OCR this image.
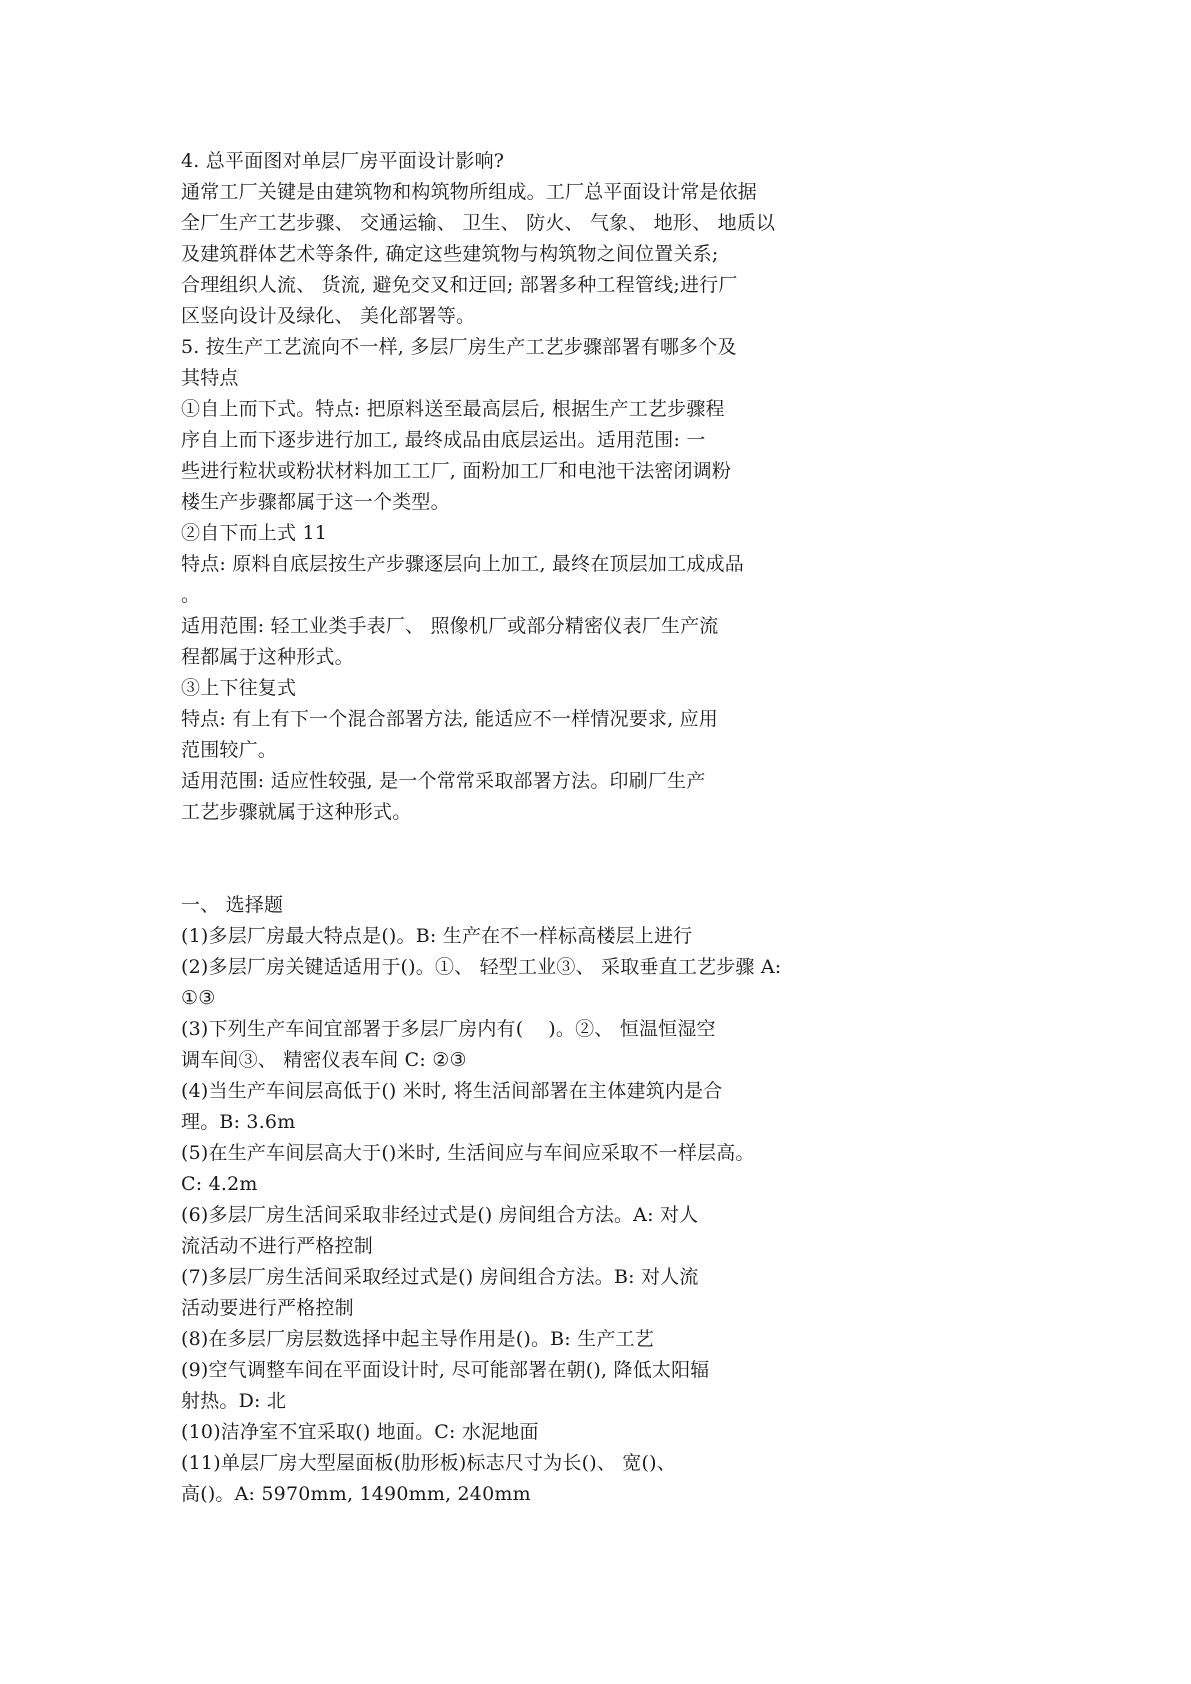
4. 总平面图对单层厂房平面设计影响?
通常工厂关键是由建筑物和构筑物所组成。工厂总平面设计常是依据
全厂生产工艺步骤、 交通运输、 卫生、 防火、 气象、 地形、 地质以
及建筑群体艺术等条件, 确定这些建筑物与构筑物之间位置关系;
合理组织人流、 货流, 避免交叉和迂回; 部署多种工程管线;进行厂
区竖向设计及绿化、 美化部署等。
5. 按生产工艺流向不一样, 多层厂房生产工艺步骤部署有哪多个及
其特点
①自上而下式。特点: 把原料送至最高层后, 根据生产工艺步骤程
序自上而下逐步进行加工, 最终成品由底层运出。适用范围: 一
些进行粒状或粉状材料加工工厂, 面粉加工厂和电池干法密闭调粉
楼生产步骤都属于这一个类型。
②自下而上式 11
特点: 原料自底层按生产步骤逐层向上加工, 最终在顶层加工成成品
。
适用范围: 轻工业类手表厂、 照像机厂或部分精密仪表厂生产流
程都属于这种形式。
③上下往复式
特点: 有上有下一个混合部署方法, 能适应不一样情况要求, 应用
范围较广。
适用范围: 适应性较强, 是一个常常采取部署方法。印刷厂生产
工艺步骤就属于这种形式。
一、 选择题
(1)多层厂房最大特点是()。B: 生产在不一样标高楼层上进行
(2)多层厂房关键适适用于()。①、 轻型工业③、 采取垂直工艺步骤 A:
①③
(3)下列生产车间宜部署于多层厂房内有(    )。②、 恒温恒湿空
调车间③、 精密仪表车间 C: ②③
(4)当生产车间层高低于() 米时, 将生活间部署在主体建筑内是合
理。B: 3.6m
(5)在生产车间层高大于()米时, 生活间应与车间应采取不一样层高。
C: 4.2m
(6)多层厂房生活间采取非经过式是() 房间组合方法。A: 对人
流活动不进行严格控制
(7)多层厂房生活间采取经过式是() 房间组合方法。B: 对人流
活动要进行严格控制
(8)在多层厂房层数选择中起主导作用是()。B: 生产工艺
(9)空气调整车间在平面设计时, 尽可能部署在朝(), 降低太阳辐
射热。D: 北
(10)洁净室不宜采取() 地面。C: 水泥地面
(11)单层厂房大型屋面板(肋形板)标志尺寸为长()、 宽()、
高()。A: 5970mm, 1490mm, 240mm
